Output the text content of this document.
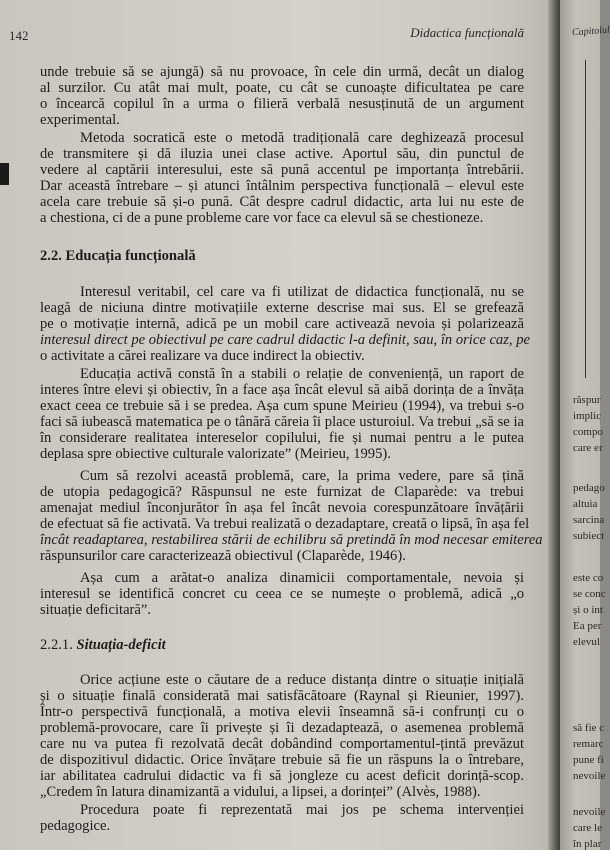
142	Didactica funcțională
unde trebuie să se ajungă) să nu provoace, în cele din urmă, decât un dialog
al surzilor. Cu atât mai mult, poate, cu cât se cunoaște dificultatea pe care
o încearcă copilul în a urma o filieră verbală nesusținută de un argument
experimental.
Metoda socratică este o metodă tradițională care deghizează procesul
de transmitere și dă iluzia unei clase active. Aportul său, din punctul de
vedere al captării interesului, este să pună accentul pe importanța întrebării.
Dar această întrebare – și atunci întâlnim perspectiva funcțională – elevul este
acela care trebuie să și-o pună. Cât despre cadrul didactic, arta lui nu este de
a chestiona, ci de a pune probleme care vor face ca elevul să se chestioneze.
2.2. Educația funcțională
Interesul veritabil, cel care va fi utilizat de didactica funcțională, nu se
leagă de niciuna dintre motivațiile externe descrise mai sus. El se grefează
pe o motivație internă, adică pe un mobil care activează nevoia și polarizează
interesul direct pe obiectivul pe care cadrul didactic l-a definit, sau, în orice caz, pe
o activitate a cărei realizare va duce indirect la obiectiv.
Educația activă constă în a stabili o relație de conveniență, un raport de
interes între elevi și obiectiv, în a face așa încât elevul să aibă dorința de a învăța
exact ceea ce trebuie să i se predea. Așa cum spune Meirieu (1994), va trebui s-o
faci să iubească matematica pe o tânără căreia îi place usturoiul. Va trebui „să se ia
în considerare realitatea intereselor copilului, fie și numai pentru a le putea
deplasa spre obiective culturale valorizate” (Meirieu, 1995).
Cum să rezolvi această problemă, care, la prima vedere, pare să țină
de utopia pedagogică? Răspunsul ne este furnizat de Claparède: va trebui
amenajat mediul înconjurător în așa fel încât nevoia corespunzătoare învățării
de efectuat să fie activată. Va trebui realizată o dezadaptare, creată o lipsă, în așa fel
încât readaptarea, restabilirea stării de echilibru să pretindă în mod necesar emiterea
răspunsurilor care caracterizează obiectivul (Claparède, 1946).
Așa cum a arătat-o analiza dinamicii comportamentale, nevoia și
interesul se identifică concret cu ceea ce se numește o problemă, adică „o
situație deficitară”.
2.2.1. Situația-deficit
Orice acțiune este o căutare de a reduce distanța dintre o situație inițială
și o situație finală considerată mai satisfăcătoare (Raynal și Rieunier, 1997).
Într-o perspectivă funcțională, a motiva elevii înseamnă să-i confrunți cu o
problemă-provocare, care îi privește și îi dezadaptează, o asemenea problemă
care nu va putea fi rezolvată decât dobândind comportamentul-țintă prevăzut
de dispozitivul didactic. Orice învățare trebuie să fie un răspuns la o întrebare,
iar abilitatea cadrului didactic va fi să jongleze cu acest deficit dorință-scop.
„Credem în latura dinamizantă a vidului, a lipsei, a dorinței” (Alvès, 1988).
Procedura poate fi reprezentată mai jos pe schema intervenției
pedagogice.
Capitolul
răspur
implic
compo
care er
pedago
altuia
sarcina
subiect
este co
se conc
și o int
Ea per
elevul
să fie c
remarc
pune fi
nevoile
nevoile
care le
în plar
